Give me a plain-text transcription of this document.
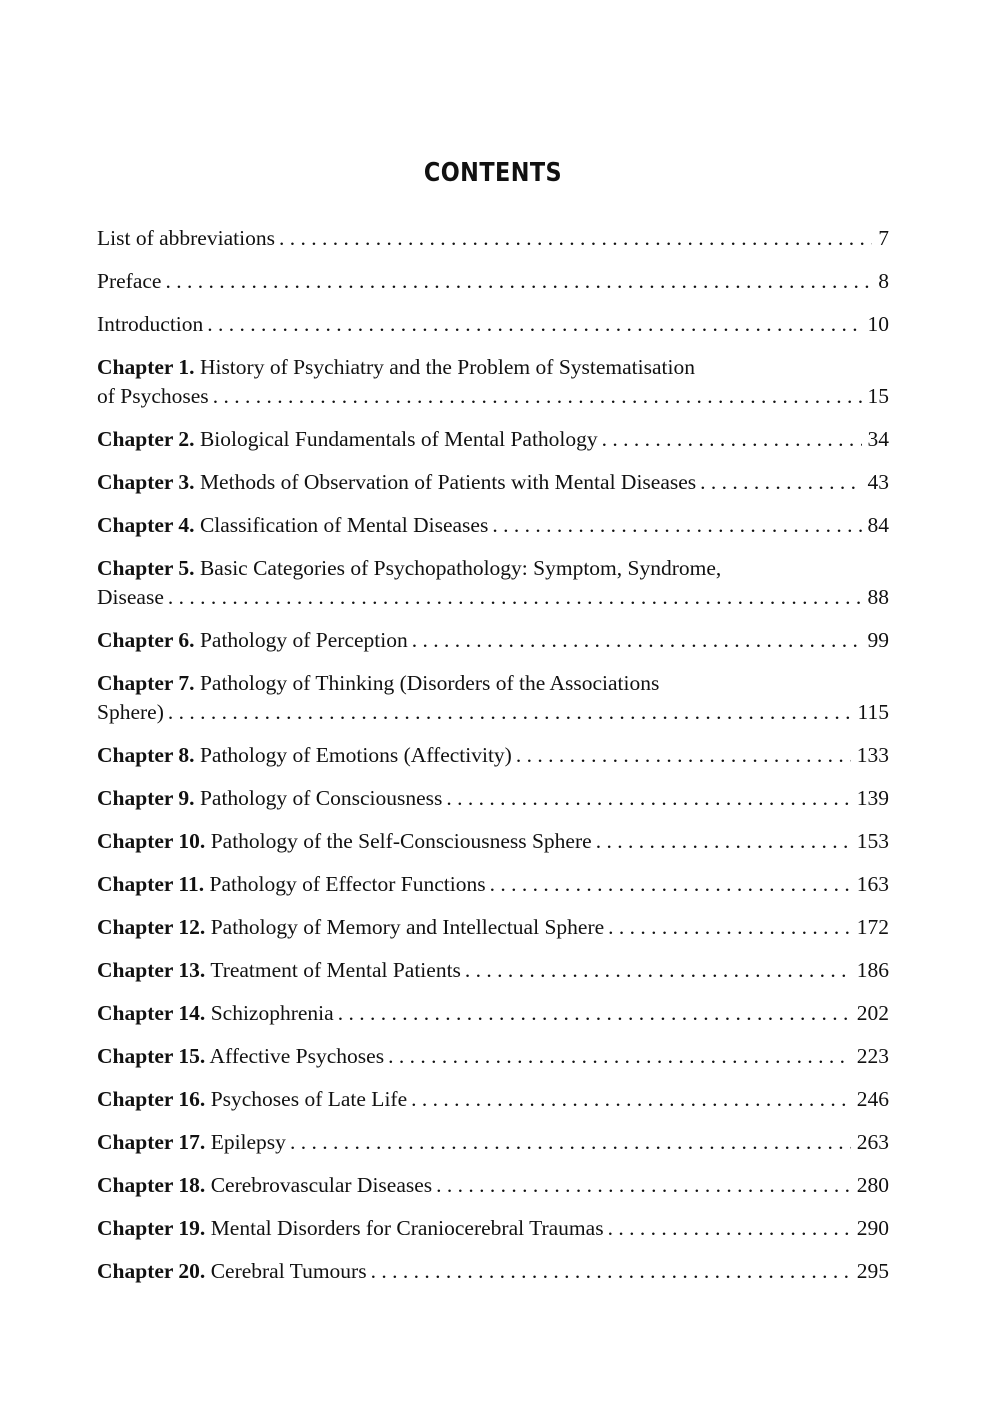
CONTENTS
List of abbreviations . . .	7
Preface . . .	8
Introduction . . .	10
Chapter 1. History of Psychiatry and the Problem of Systematisation
of Psychoses . . .	15
Chapter 2. Biological Fundamentals of Mental Pathology . . .	34
Chapter 3. Methods of Observation of Patients with Mental Diseases . . .	43
Chapter 4. Classification of Mental Diseases . . .	84
Chapter 5. Basic Categories of Psychopathology: Symptom, Syndrome,
Disease . . .	88
Chapter 6. Pathology of Perception . . .	99
Chapter 7. Pathology of Thinking (Disorders of the Associations
Sphere) . . .	115
Chapter 8. Pathology of Emotions (Affectivity) . . .	133
Chapter 9. Pathology of Consciousness . . .	139
Chapter 10. Pathology of the Self-Consciousness Sphere . . .	153
Chapter 11. Pathology of Effector Functions . . .	163
Chapter 12. Pathology of Memory and Intellectual Sphere . . .	172
Chapter 13. Treatment of Mental Patients . . .	186
Chapter 14. Schizophrenia . . .	202
Chapter 15. Affective Psychoses . . .	223
Chapter 16. Psychoses of Late Life . . .	246
Chapter 17. Epilepsy . . .	263
Chapter 18. Cerebrovascular Diseases . . .	280
Chapter 19. Mental Disorders for Craniocerebral Traumas . . .	290
Chapter 20. Cerebral Tumours . . .	295
